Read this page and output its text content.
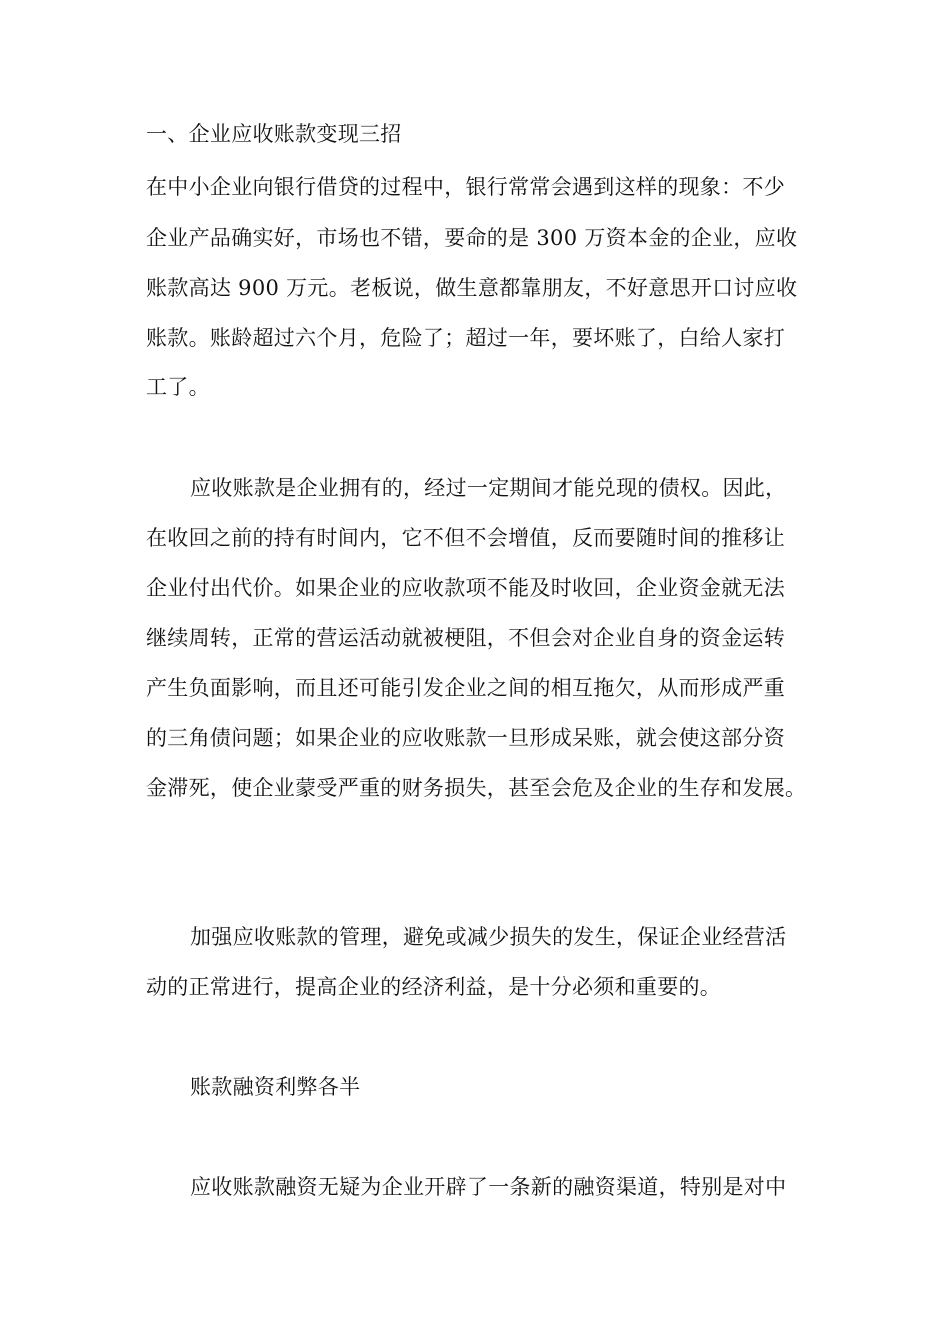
一、企业应收账款变现三招
在中小企业向银行借贷的过程中，银行常常会遇到这样的现象：不少
企业产品确实好，市场也不错，要命的是 300 万资本金的企业，应收
账款高达 900 万元。老板说，做生意都靠朋友，不好意思开口讨应收
账款。账龄超过六个月，危险了；超过一年，要坏账了，白给人家打
工了。
应收账款是企业拥有的，经过一定期间才能兑现的债权。因此，
在收回之前的持有时间内，它不但不会增值，反而要随时间的推移让
企业付出代价。如果企业的应收款项不能及时收回，企业资金就无法
继续周转，正常的营运活动就被梗阻，不但会对企业自身的资金运转
产生负面影响，而且还可能引发企业之间的相互拖欠，从而形成严重
的三角债问题；如果企业的应收账款一旦形成呆账，就会使这部分资
金滞死，使企业蒙受严重的财务损失，甚至会危及企业的生存和发展。
加强应收账款的管理，避免或减少损失的发生，保证企业经营活
动的正常进行，提高企业的经济利益，是十分必须和重要的。
账款融资利弊各半
应收账款融资无疑为企业开辟了一条新的融资渠道，特别是对中
